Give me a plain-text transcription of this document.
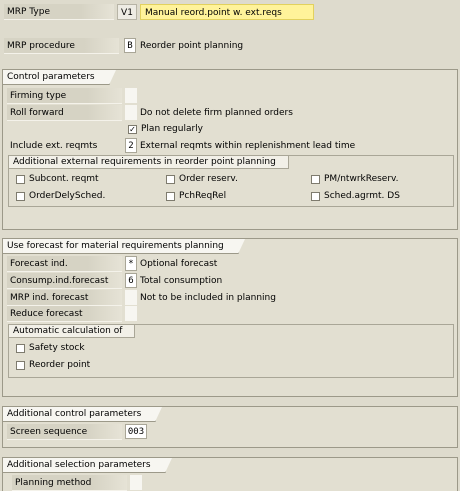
MRP Type	V1	Manual reord.point w. ext.reqs
MRP procedure	B Reorder point planning
Control parameters
Firming type
Roll forward	Do not delete firm planned orders
✓ Plan regularly
Include ext. reqmts	2 External reqmts within replenishment lead time
Additional external requirements in reorder point planning
Subcont. reqmt	Order reserv.	PM/ntwrkReserv.
OrderDelySched.	PchReqRel	Sched.agrmt. DS
Use forecast for material requirements planning
Forecast ind.	* Optional forecast
Consump.ind.forecast	6 Total consumption
MRP ind. forecast	Not to be included in planning
Reduce forecast
Automatic calculation of
Safety stock
Reorder point
Additional control parameters
Screen sequence	003
Additional selection parameters
Planning method
